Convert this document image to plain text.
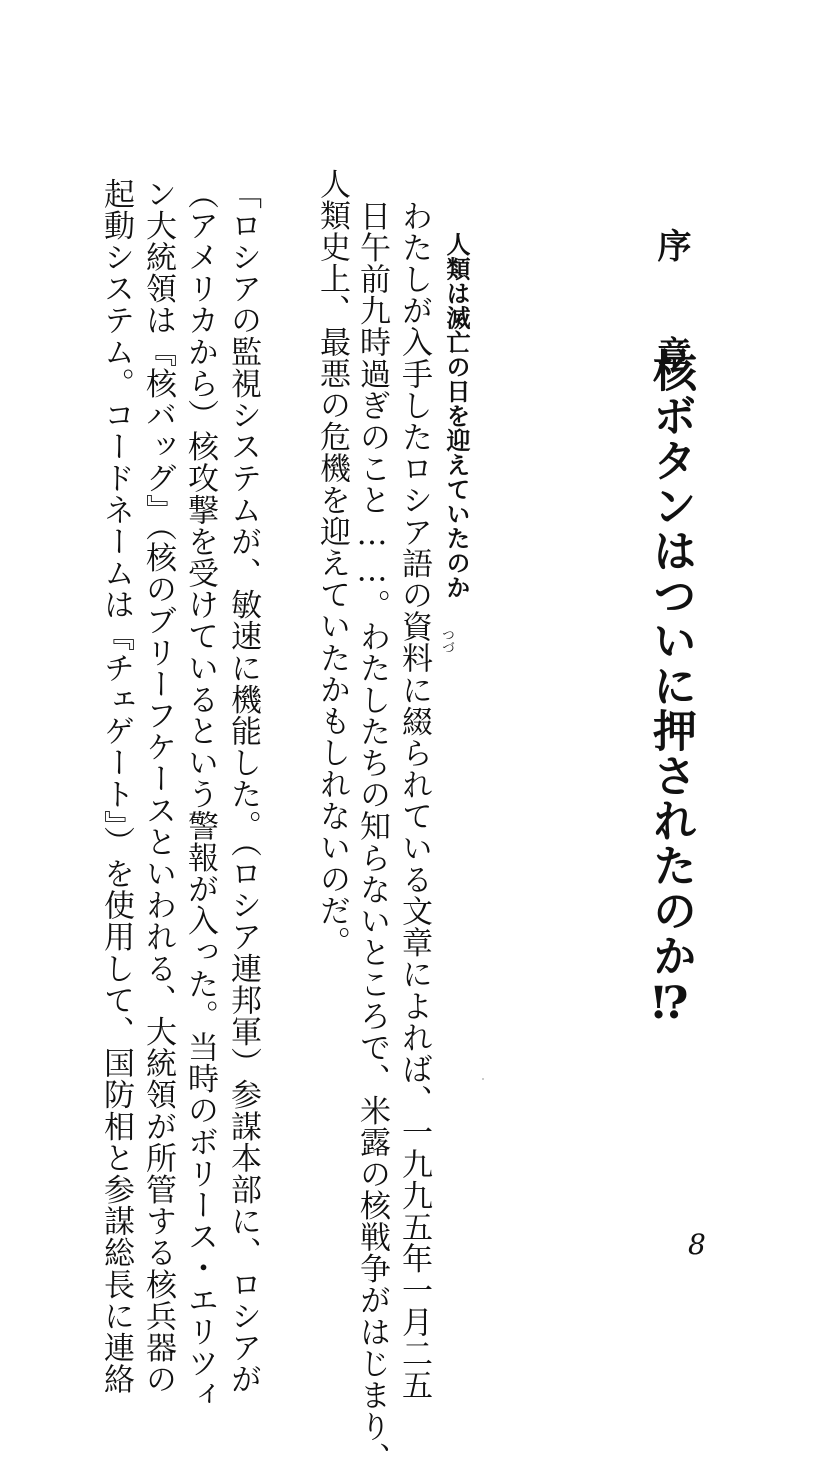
序　章
核ボタンはついに押されたのか⁉
人類は滅亡の日を迎えていたのか
わたしが入手したロシア語の資料に綴られている文章によれば、一九九五年一月二五 つづ
日午前九時過ぎのこと……。わたしたちの知らないところで、米露の核戦争がはじまり、
人類史上、最悪の危機を迎えていたかもしれないのだ。
「ロシアの監視システムが、敏速に機能した。（ロシア連邦軍）参謀本部に、ロシアが
（アメリカから）核攻撃を受けているという警報が入った。当時のボリース・エリツィ
ン大統領は『核バッグ』（核のブリーフケースといわれる、大統領が所管する核兵器の
起動システム。コードネームは『チェゲート』）を使用して、国防相と参謀総長に連絡	8
